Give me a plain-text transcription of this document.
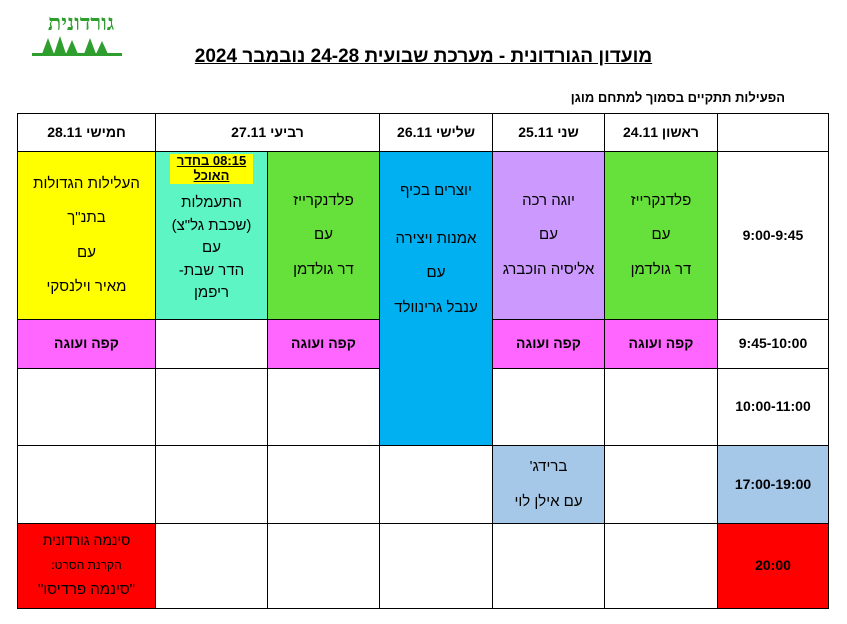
גורדונית
מועדון הגורדונית - מערכת שבועית 24-28 נובמבר 2024
הפעילות תתקיים בסמוך למתחם מוגן
ראשון 24.11
שני 25.11
שלישי 26.11
רביעי 27.11
חמישי 28.11
9:00-9:45
9:45-10:00
10:00-11:00
17:00-19:00
20:00
פלדנקרייז
עם
דר גולדמן
יוגה רכה
עם
אליסיה הוכברג
יוצרים בכיף
אמנות ויצירה
עם
ענבל גרינוולד
פלדנקרייז
עם
דר גולדמן
08:15 בחדר האוכל
התעמלות
(שכבת גל"צ)
עם
הדר שבת-
ריפמן
העלילות הגדולות
בתנ"ך
עם
מאיר וילנסקי
קפה ועוגה
קפה ועוגה
קפה ועוגה
קפה ועוגה
ברידג'
עם אילן לוי
סינמה גורדונית
הקרנת הסרט:
"סינמה פרדיסו"
